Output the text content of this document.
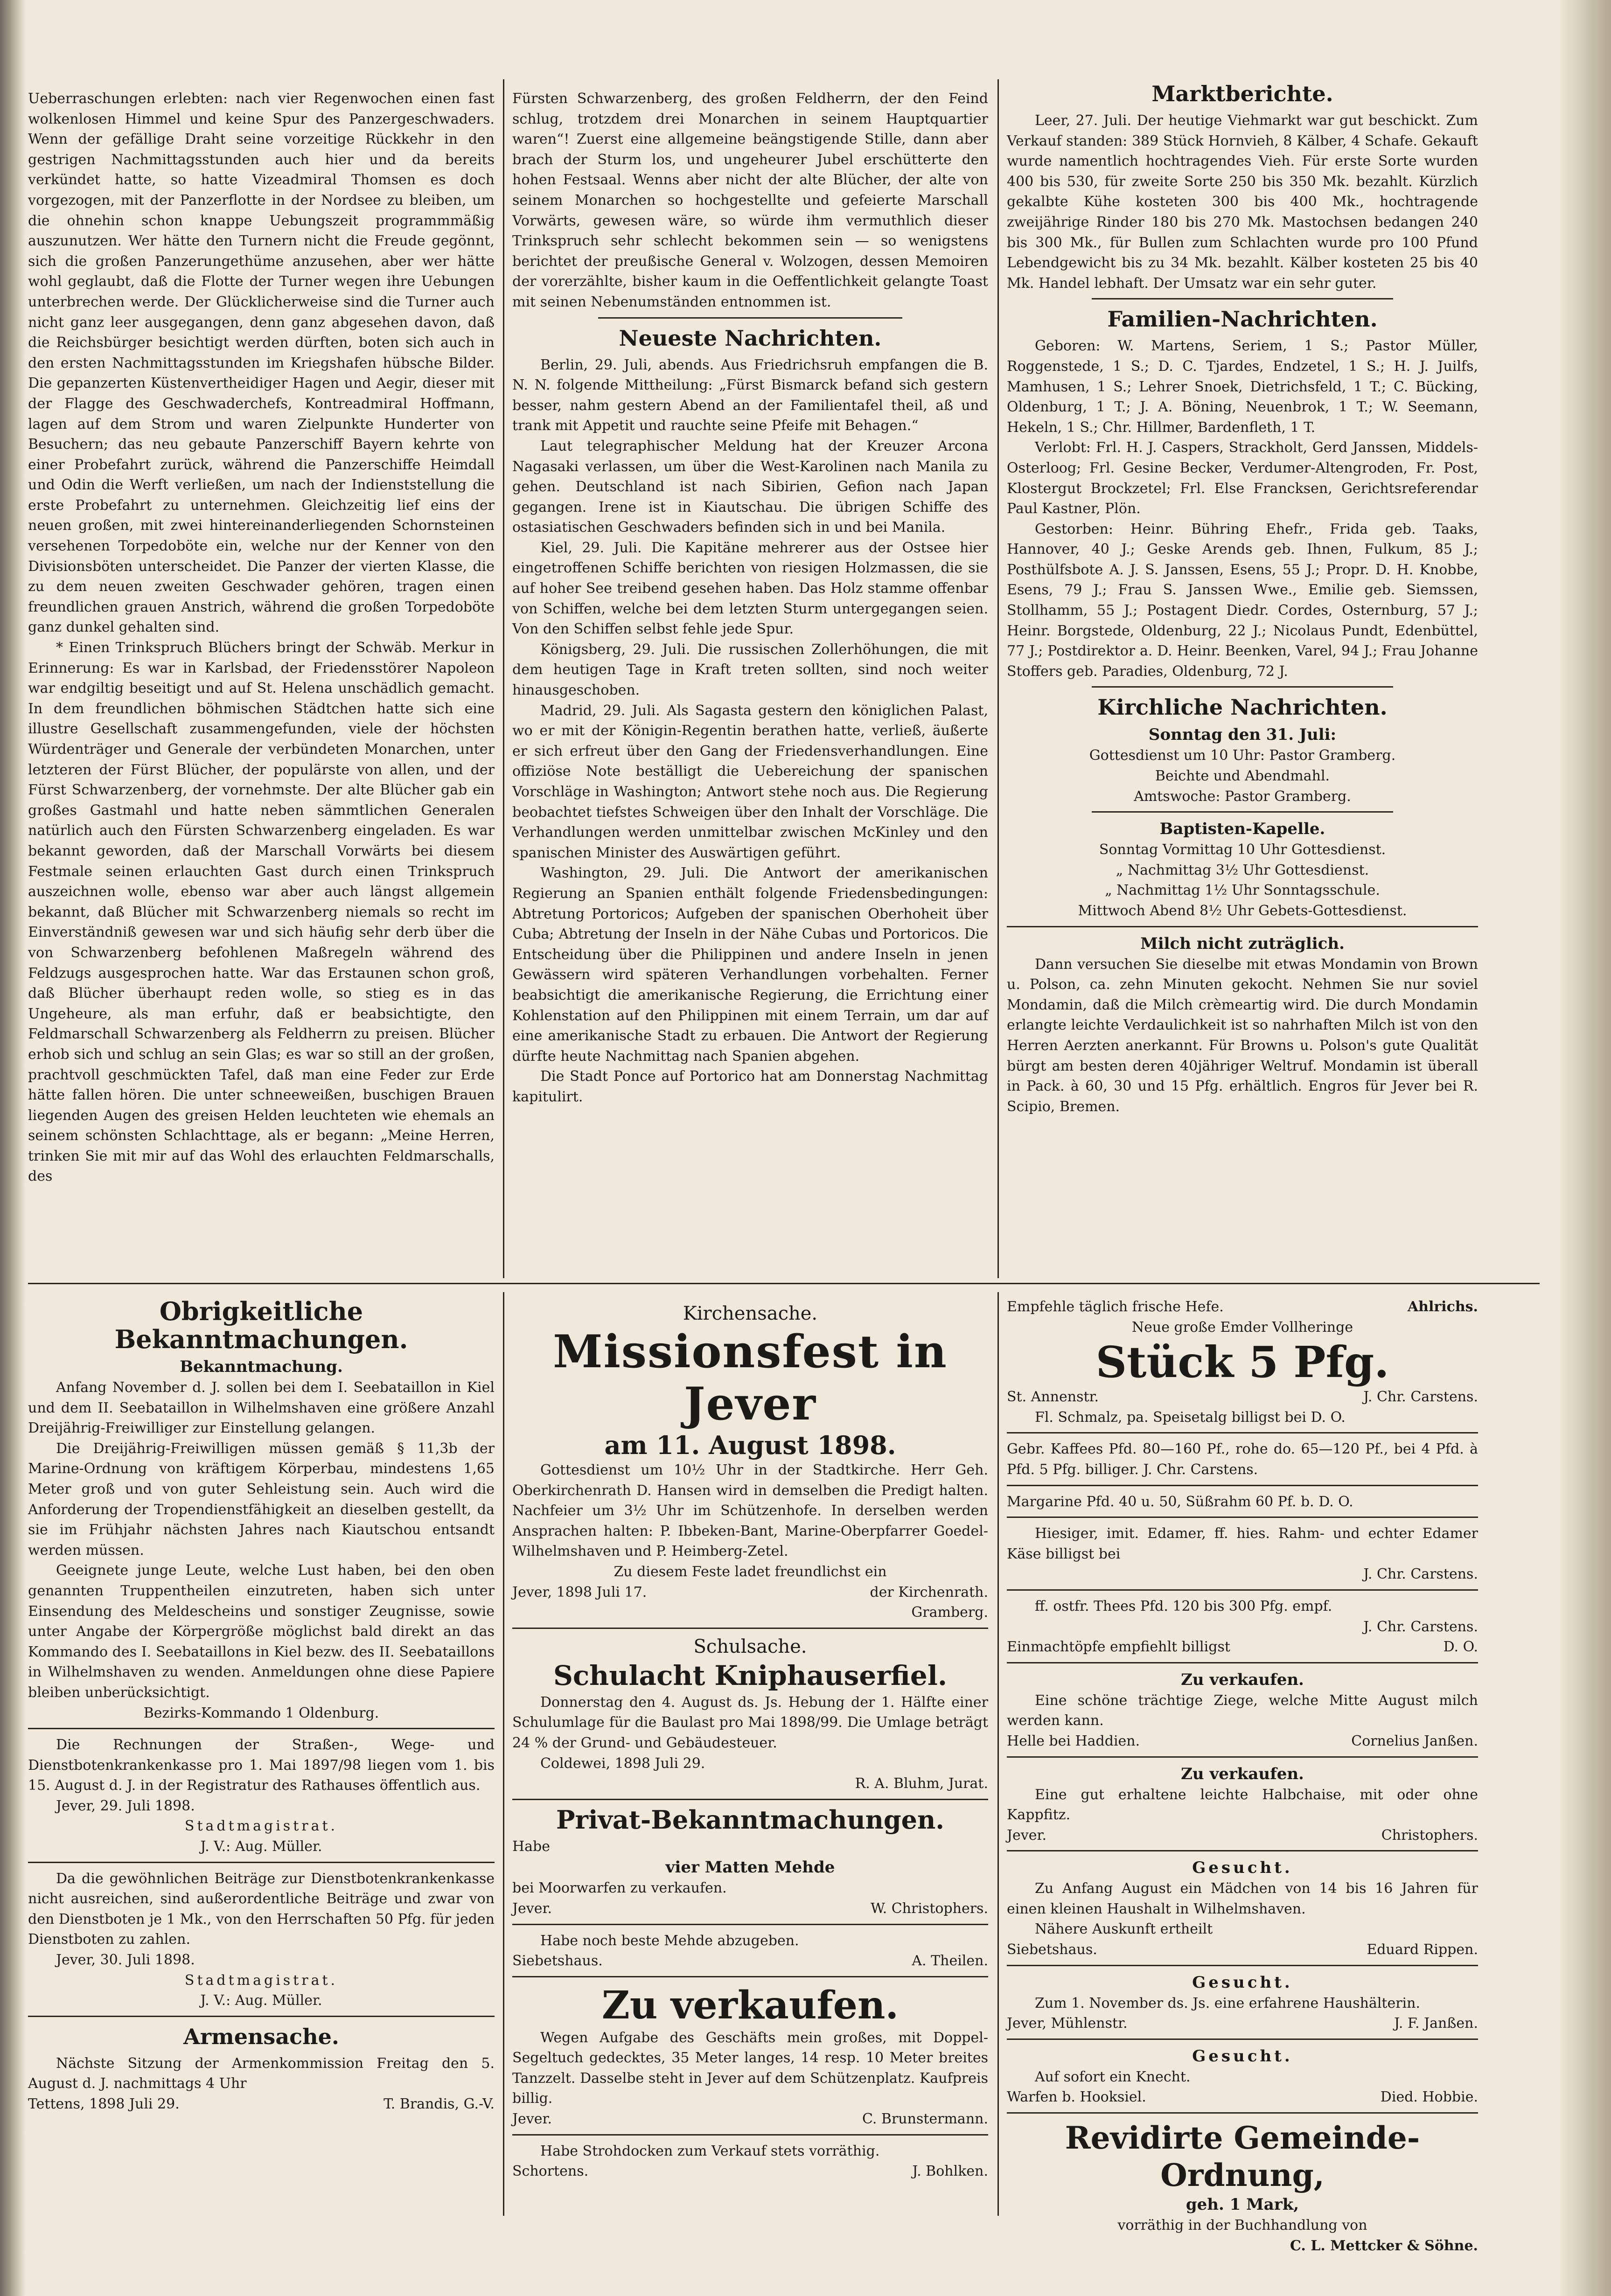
Ueberraschungen erlebten: nach vier Regenwochen einen fast wolkenlosen Himmel und keine Spur des Panzergeschwaders. Wenn der gefällige Draht seine vorzeitige Rückkehr in den gestrigen Nachmittagsstunden auch hier und da bereits verkündet hatte, so hatte Vizeadmiral Thomsen es doch vorgezogen, mit der Panzerflotte in der Nordsee zu bleiben, um die ohnehin schon knappe Uebungszeit programmmäßig auszunutzen. Wer hätte den Turnern nicht die Freude gegönnt, sich die großen Panzerungethüme anzusehen, aber wer hätte wohl geglaubt, daß die Flotte der Turner wegen ihre Uebungen unterbrechen werde. Der Glücklicherweise sind die Turner auch nicht ganz leer ausgegangen, denn ganz abgesehen davon, daß die Reichsbürger besichtigt werden dürften, boten sich auch in den ersten Nachmittagsstunden im Kriegshafen hübsche Bilder. Die gepanzerten Küstenvertheidiger Hagen und Aegir, dieser mit der Flagge des Geschwaderchefs, Kontreadmiral Hoffmann, lagen auf dem Strom und waren Zielpunkte Hunderter von Besuchern; das neu gebaute Panzerschiff Bayern kehrte von einer Probefahrt zurück, während die Panzerschiffe Heimdall und Odin die Werft verließen, um nach der Indienststellung die erste Probefahrt zu unternehmen. Gleichzeitig lief eins der neuen großen, mit zwei hintereinanderliegenden Schornsteinen versehenen Torpedoböte ein, welche nur der Kenner von den Divisionsböten unterscheidet. Die Panzer der vierten Klasse, die zu dem neuen zweiten Geschwader gehören, tragen einen freundlichen grauen Anstrich, während die großen Torpedoböte ganz dunkel gehalten sind.

* Einen Trinkspruch Blüchers bringt der Schwäb. Merkur in Erinnerung: Es war in Karlsbad, der Friedensstörer Napoleon war endgiltig beseitigt und auf St. Helena unschädlich gemacht. In dem freundlichen böhmischen Städtchen hatte sich eine illustre Gesellschaft zusammengefunden, viele der höchsten Würdenträger und Generale der verbündeten Monarchen, unter letzteren der Fürst Blücher, der populärste von allen, und der Fürst Schwarzenberg, der vornehmste. Der alte Blücher gab ein großes Gastmahl und hatte neben sämmtlichen Generalen natürlich auch den Fürsten Schwarzenberg eingeladen. Es war bekannt geworden, daß der Marschall Vorwärts bei diesem Festmale seinen erlauchten Gast durch einen Trinkspruch auszeichnen wolle, ebenso war aber auch längst allgemein bekannt, daß Blücher mit Schwarzenberg niemals so recht im Einverständniß gewesen war und sich häufig sehr derb über die von Schwarzenberg befohlenen Maßregeln während des Feldzugs ausgesprochen hatte. War das Erstaunen schon groß, daß Blücher überhaupt reden wolle, so stieg es in das Ungeheure, als man erfuhr, daß er beabsichtigte, den Feldmarschall Schwarzenberg als Feldherrn zu preisen. Blücher erhob sich und schlug an sein Glas; es war so still an der großen, prachtvoll geschmückten Tafel, daß man eine Feder zur Erde hätte fallen hören. Die unter schneeweißen, buschigen Brauen liegenden Augen des greisen Helden leuchteten wie ehemals an seinem schönsten Schlachttage, als er begann: „Meine Herren, trinken Sie mit mir auf das Wohl des erlauchten Feldmarschalls, des

Fürsten Schwarzenberg, des großen Feldherrn, der den Feind schlug, trotzdem drei Monarchen in seinem Hauptquartier waren“! Zuerst eine allgemeine beängstigende Stille, dann aber brach der Sturm los, und ungeheurer Jubel erschütterte den hohen Festsaal. Wenns aber nicht der alte Blücher, der alte von seinem Monarchen so hochgestellte und gefeierte Marschall Vorwärts, gewesen wäre, so würde ihm vermuthlich dieser Trinkspruch sehr schlecht bekommen sein — so wenigstens berichtet der preußische General v. Wolzogen, dessen Memoiren der vorerzählte, bisher kaum in die Oeffentlichkeit gelangte Toast mit seinen Nebenumständen entnommen ist.

Neueste Nachrichten.

Berlin, 29. Juli, abends. Aus Friedrichsruh empfangen die B. N. N. folgende Mittheilung: „Fürst Bismarck befand sich gestern besser, nahm gestern Abend an der Familientafel theil, aß und trank mit Appetit und rauchte seine Pfeife mit Behagen.“

Laut telegraphischer Meldung hat der Kreuzer Arcona Nagasaki verlassen, um über die West-Karolinen nach Manila zu gehen. Deutschland ist nach Sibirien, Gefion nach Japan gegangen. Irene ist in Kiautschau. Die übrigen Schiffe des ostasiatischen Geschwaders befinden sich in und bei Manila.

Kiel, 29. Juli. Die Kapitäne mehrerer aus der Ostsee hier eingetroffenen Schiffe berichten von riesigen Holzmassen, die sie auf hoher See treibend gesehen haben. Das Holz stamme offenbar von Schiffen, welche bei dem letzten Sturm untergegangen seien. Von den Schiffen selbst fehle jede Spur.

Königsberg, 29. Juli. Die russischen Zollerhöhungen, die mit dem heutigen Tage in Kraft treten sollten, sind noch weiter hinausgeschoben.

Madrid, 29. Juli. Als Sagasta gestern den königlichen Palast, wo er mit der Königin-Regentin berathen hatte, verließ, äußerte er sich erfreut über den Gang der Friedensverhandlungen. Eine offiziöse Note beställigt die Uebereichung der spanischen Vorschläge in Washington; Antwort stehe noch aus. Die Regierung beobachtet tiefstes Schweigen über den Inhalt der Vorschläge. Die Verhandlungen werden unmittelbar zwischen McKinley und den spanischen Minister des Auswärtigen geführt.

Washington, 29. Juli. Die Antwort der amerikanischen Regierung an Spanien enthält folgende Friedensbedingungen: Abtretung Portoricos; Aufgeben der spanischen Oberhoheit über Cuba; Abtretung der Inseln in der Nähe Cubas und Portoricos. Die Entscheidung über die Philippinen und andere Inseln in jenen Gewässern wird späteren Verhandlungen vorbehalten. Ferner beabsichtigt die amerikanische Regierung, die Errichtung einer Kohlenstation auf den Philippinen mit einem Terrain, um dar auf eine amerikanische Stadt zu erbauen. Die Antwort der Regierung dürfte heute Nachmittag nach Spanien abgehen.

Die Stadt Ponce auf Portorico hat am Donnerstag Nachmittag kapitulirt.

Marktberichte.

Leer, 27. Juli. Der heutige Viehmarkt war gut beschickt. Zum Verkauf standen: 389 Stück Hornvieh, 8 Kälber, 4 Schafe. Gekauft wurde namentlich hochtragendes Vieh. Für erste Sorte wurden 400 bis 530, für zweite Sorte 250 bis 350 Mk. bezahlt. Kürzlich gekalbte Kühe kosteten 300 bis 400 Mk., hochtragende zweijährige Rinder 180 bis 270 Mk. Mastochsen bedangen 240 bis 300 Mk., für Bullen zum Schlachten wurde pro 100 Pfund Lebendgewicht bis zu 34 Mk. bezahlt. Kälber kosteten 25 bis 40 Mk. Handel lebhaft. Der Umsatz war ein sehr guter.

Familien-Nachrichten.

Geboren: W. Martens, Seriem, 1 S.; Pastor Müller, Roggenstede, 1 S.; D. C. Tjardes, Endzetel, 1 S.; H. J. Juilfs, Mamhusen, 1 S.; Lehrer Snoek, Dietrichsfeld, 1 T.; C. Bücking, Oldenburg, 1 T.; J. A. Böning, Neuenbrok, 1 T.; W. Seemann, Hekeln, 1 S.; Chr. Hillmer, Bardenfleth, 1 T.

Verlobt: Frl. H. J. Caspers, Strackholt, Gerd Janssen, Middels-Osterloog; Frl. Gesine Becker, Verdumer-Altengroden, Fr. Post, Klostergut Brockzetel; Frl. Else Francksen, Gerichtsreferendar Paul Kastner, Plön.

Gestorben: Heinr. Bühring Ehefr., Frida geb. Taaks, Hannover, 40 J.; Geske Arends geb. Ihnen, Fulkum, 85 J.; Posthülfsbote A. J. S. Janssen, Esens, 55 J.; Propr. D. H. Knobbe, Esens, 79 J.; Frau S. Janssen Wwe., Emilie geb. Siemssen, Stollhamm, 55 J.; Postagent Diedr. Cordes, Osternburg, 57 J.; Heinr. Borgstede, Oldenburg, 22 J.; Nicolaus Pundt, Edenbüttel, 77 J.; Postdirektor a. D. Heinr. Beenken, Varel, 94 J.; Frau Johanne Stoffers geb. Paradies, Oldenburg, 72 J.

Kirchliche Nachrichten.
Sonntag den 31. Juli:

Gottesdienst um 10 Uhr: Pastor Gramberg.

Beichte und Abendmahl.

Amtswoche: Pastor Gramberg.

Baptisten-Kapelle.

Sonntag Vormittag 10 Uhr Gottesdienst.

„ Nachmittag 3½ Uhr Gottesdienst.

„ Nachmittag 1½ Uhr Sonntagsschule.

Mittwoch Abend 8½ Uhr Gebets-Gottesdienst.

Milch nicht zuträglich.

Dann versuchen Sie dieselbe mit etwas Mondamin von Brown u. Polson, ca. zehn Minuten gekocht. Nehmen Sie nur soviel Mondamin, daß die Milch crèmeartig wird. Die durch Mondamin erlangte leichte Verdaulichkeit ist so nahrhaften Milch ist von den Herren Aerzten anerkannt. Für Browns u. Polson's gute Qualität bürgt am besten deren 40jähriger Weltruf. Mondamin ist überall in Pack. à 60, 30 und 15 Pfg. erhältlich. Engros für Jever bei R. Scipio, Bremen.

Obrigkeitliche Bekanntmachungen.
Bekanntmachung.

Anfang November d. J. sollen bei dem I. Seebataillon in Kiel und dem II. Seebataillon in Wilhelmshaven eine größere Anzahl Dreijährig-Freiwilliger zur Einstellung gelangen.

Die Dreijährig-Freiwilligen müssen gemäß § 11,3b der Marine-Ordnung von kräftigem Körperbau, mindestens 1,65 Meter groß und von guter Sehleistung sein. Auch wird die Anforderung der Tropendienstfähigkeit an dieselben gestellt, da sie im Frühjahr nächsten Jahres nach Kiautschou entsandt werden müssen.

Geeignete junge Leute, welche Lust haben, bei den oben genannten Truppentheilen einzutreten, haben sich unter Einsendung des Meldescheins und sonstiger Zeugnisse, sowie unter Angabe der Körpergröße möglichst bald direkt an das Kommando des I. Seebataillons in Kiel bezw. des II. Seebataillons in Wilhelmshaven zu wenden. Anmeldungen ohne diese Papiere bleiben unberücksichtigt.

Bezirks-Kommando 1 Oldenburg.

Die Rechnungen der Straßen-, Wege- und Dienstbotenkrankenkasse pro 1. Mai 1897/98 liegen vom 1. bis 15. August d. J. in der Registratur des Rathauses öffentlich aus.

Jever, 29. Juli 1898.

Stadtmagistrat.

J. V.: Aug. Müller.

Da die gewöhnlichen Beiträge zur Dienstbotenkrankenkasse nicht ausreichen, sind außerordentliche Beiträge und zwar von den Dienstboten je 1 Mk., von den Herrschaften 50 Pfg. für jeden Dienstboten zu zahlen.

Jever, 30. Juli 1898.

Stadtmagistrat.

J. V.: Aug. Müller.

Armensache.

Nächste Sitzung der Armenkommission Freitag den 5. August d. J. nachmittags 4 Uhr

Tettens, 1898 Juli 29.	T. Brandis, G.-V.
Kirchensache.
Missionsfest in Jever
am 11. August 1898.

Gottesdienst um 10½ Uhr in der Stadtkirche. Herr Geh. Oberkirchenrath D. Hansen wird in demselben die Predigt halten. Nachfeier um 3½ Uhr im Schützenhofe. In derselben werden Ansprachen halten: P. Ibbeken-Bant, Marine-Oberpfarrer Goedel-Wilhelmshaven und P. Heimberg-Zetel.

Zu diesem Feste ladet freundlichst ein

Jever, 1898 Juli 17.	der Kirchenrath.

Gramberg.

Schulsache.
Schulacht Kniphauserfiel.

Donnerstag den 4. August ds. Js. Hebung der 1. Hälfte einer Schulumlage für die Baulast pro Mai 1898/99. Die Umlage beträgt 24 % der Grund- und Gebäudesteuer.

Coldewei, 1898 Juli 29.

R. A. Bluhm, Jurat.

Privat-Bekanntmachungen.

Habe

vier Matten Mehde

bei Moorwarfen zu verkaufen.

Jever.	W. Christophers.

Habe noch beste Mehde abzugeben.

Siebetshaus.	A. Theilen.
Zu verkaufen.

Wegen Aufgabe des Geschäfts mein großes, mit Doppel-Segeltuch gedecktes, 35 Meter langes, 14 resp. 10 Meter breites Tanzzelt. Dasselbe steht in Jever auf dem Schützenplatz. Kaufpreis billig.

Jever.	C. Brunstermann.

Habe Strohdocken zum Verkauf stets vorräthig.

Schortens.	J. Bohlken.
Empfehle täglich frische Hefe.	Ahlrichs.

Neue große Emder Vollheringe

Stück 5 Pfg.
St. Annenstr.	J. Chr. Carstens.

Fl. Schmalz, pa. Speisetalg billigst bei D. O.

Gebr. Kaffees Pfd. 80—160 Pf., rohe do. 65—120 Pf., bei 4 Pfd. à Pfd. 5 Pfg. billiger. J. Chr. Carstens.

Margarine Pfd. 40 u. 50, Süßrahm 60 Pf. b. D. O.

Hiesiger, imit. Edamer, ff. hies. Rahm- und echter Edamer Käse billigst bei

J. Chr. Carstens.

ff. ostfr. Thees Pfd. 120 bis 300 Pfg. empf.

J. Chr. Carstens.

Einmachtöpfe empfiehlt billigst	D. O.
Zu verkaufen.

Eine schöne trächtige Ziege, welche Mitte August milch werden kann.

Helle bei Haddien.	Cornelius Janßen.
Zu verkaufen.

Eine gut erhaltene leichte Halbchaise, mit oder ohne Kappfitz.

Jever.	Christophers.
Gesucht.

Zu Anfang August ein Mädchen von 14 bis 16 Jahren für einen kleinen Haushalt in Wilhelmshaven.

Nähere Auskunft ertheilt

Siebetshaus.	Eduard Rippen.
Gesucht.

Zum 1. November ds. Js. eine erfahrene Haushälterin.

Jever, Mühlenstr.	J. F. Janßen.
Gesucht.

Auf sofort ein Knecht.

Warfen b. Hooksiel.	Died. Hobbie.
Revidirte Gemeinde-Ordnung,
geh. 1 Mark,

vorräthig in der Buchhandlung von

C. L. Mettcker & Söhne.
